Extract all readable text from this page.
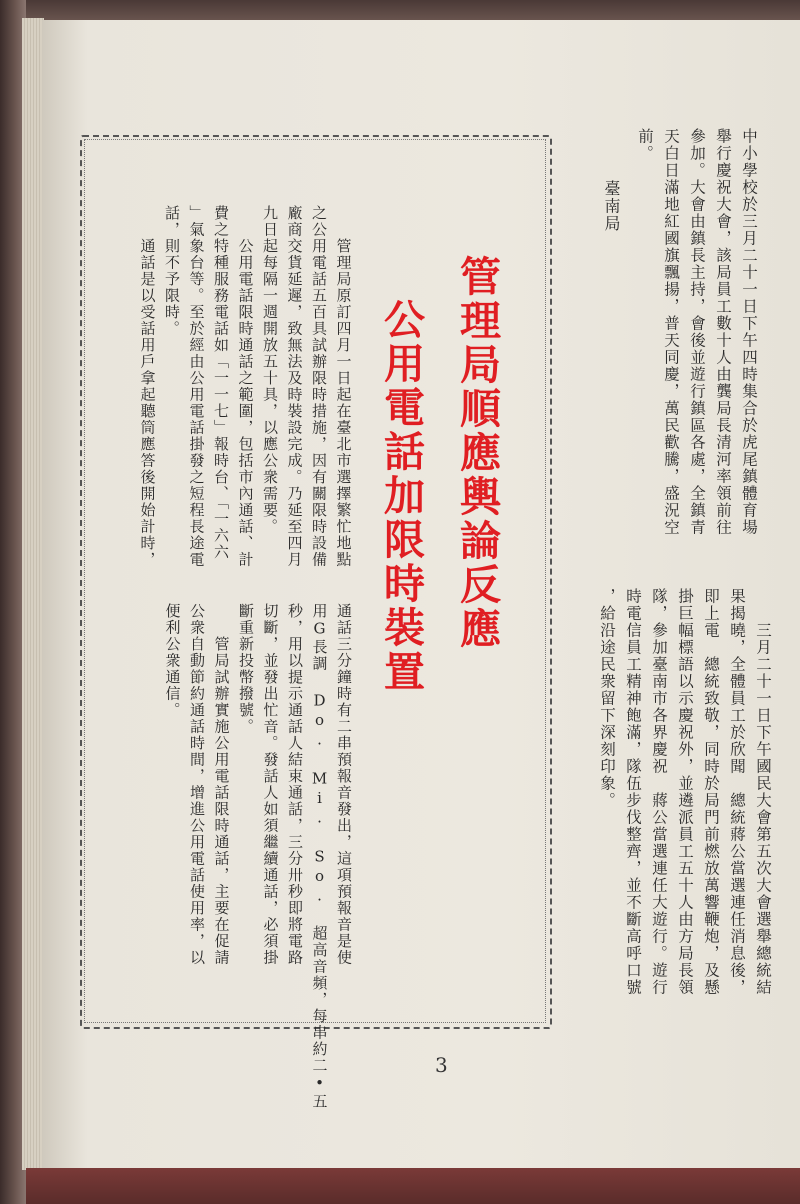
中小學校於三月二十一日下午四時集合於虎尾鎮體育場
舉行慶祝大會，該局員工數十人由龔局長清河率領前往
參加。大會由鎮長主持，會後並遊行鎮區各處，全鎮青
天白日滿地紅國旗飄揚，普天同慶，萬民歡騰，盛況空
前。
臺南局
　　三月二十一日下午國民大會第五次大會選舉總統結
果揭曉，全體員工於欣聞　總統蔣公當選連任消息後，
即上電　總統致敬，同時於局門前燃放萬響鞭炮，及懸
掛巨幅標語以示慶祝外，並遴派員工五十人由方局長領
隊，參加臺南市各界慶祝　蔣公當選連任大遊行。遊行
時電信員工精神飽滿，隊伍步伐整齊，並不斷高呼口號
，給沿途民衆留下深刻印象。
管理局順應輿論反應
公用電話加限時裝置
　　管理局原訂四月一日起在臺北市選擇繁忙地點
之公用電話五百具試辦限時措施，因有關限時設備
廠商交貨延遲，致無法及時裝設完成。乃延至四月
九日起每隔一週開放五十具，以應公衆需要。
　　公用電話限時通話之範圍，包括市內通話、計
費之特種服務電話如「一一七」報時台、「一六六
」氣象台等。至於經由公用電話掛發之短程長途電
話，則不予限時。
　　通話是以受話用戶拿起聽筒應答後開始計時，
通話三分鐘時有二串預報音發出，這項預報音是使
用G長調 Do. Mi. So. 超高音頻，每串約二•五
秒，用以提示通話人結束通話，三分卅秒即將電路
切斷，並發出忙音。發話人如須繼續通話，必須掛
斷重新投幣撥號。
　　管局試辦實施公用電話限時通話，主要在促請
公衆自動節約通話時間，增進公用電話使用率，以
便利公衆通信。
3
